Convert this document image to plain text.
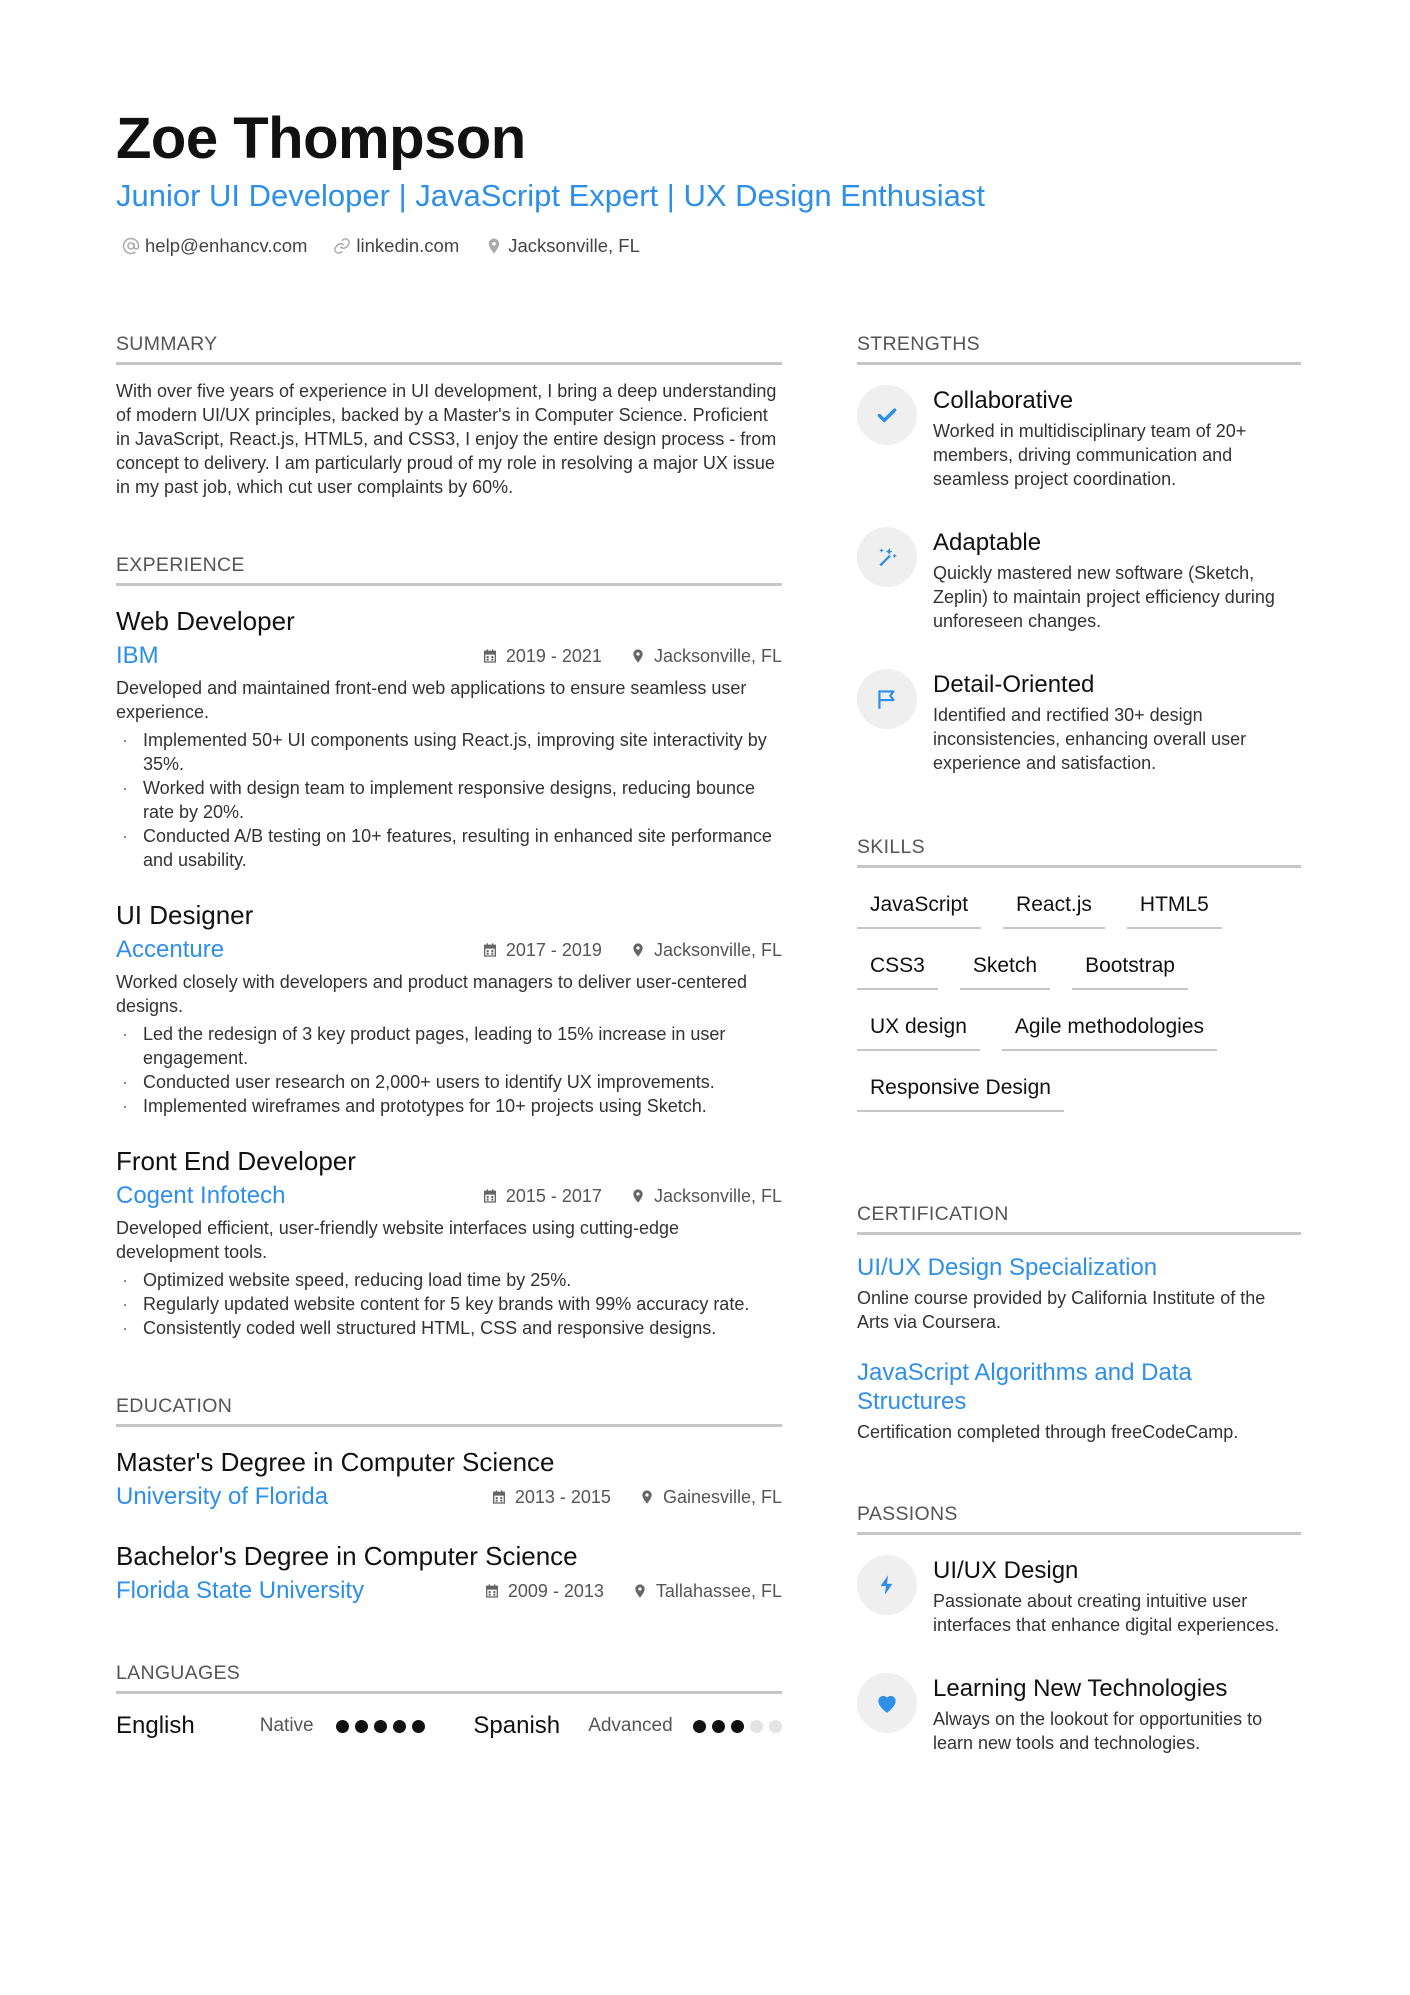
Zoe Thompson
Junior UI Developer | JavaScript Expert | UX Design Enthusiast
help@enhancv.com	linkedin.com	Jacksonville, FL
SUMMARY

With over five years of experience in UI development, I bring a deep understanding of modern UI/UX principles, backed by a Master's in Computer Science. Proficient in JavaScript, React.js, HTML5, and CSS3, I enjoy the entire design process - from concept to delivery. I am particularly proud of my role in resolving a major UX issue in my past job, which cut user complaints by 60%.

EXPERIENCE
Web Developer
IBM	2019 - 2021	Jacksonville, FL
Developed and maintained front-end web applications to ensure seamless user experience.
· Implemented 50+ UI components using React.js, improving site interactivity by 35%.
· Worked with design team to implement responsive designs, reducing bounce rate by 20%.
· Conducted A/B testing on 10+ features, resulting in enhanced site performance and usability.
UI Designer
Accenture	2017 - 2019	Jacksonville, FL
Worked closely with developers and product managers to deliver user-centered designs.
· Led the redesign of 3 key product pages, leading to 15% increase in user engagement.
· Conducted user research on 2,000+ users to identify UX improvements.
· Implemented wireframes and prototypes for 10+ projects using Sketch.
Front End Developer
Cogent Infotech	2015 - 2017	Jacksonville, FL
Developed efficient, user-friendly website interfaces using cutting-edge development tools.
· Optimized website speed, reducing load time by 25%.
· Regularly updated website content for 5 key brands with 99% accuracy rate.
· Consistently coded well structured HTML, CSS and responsive designs.
EDUCATION
Master's Degree in Computer Science
University of Florida	2013 - 2015	Gainesville, FL
Bachelor's Degree in Computer Science
Florida State University	2009 - 2013	Tallahassee, FL
LANGUAGES
English	Native	Spanish	Advanced
STRENGTHS
Collaborative
Worked in multidisciplinary team of 20+ members, driving communication and seamless project coordination.
Adaptable
Quickly mastered new software (Sketch, Zeplin) to maintain project efficiency during unforeseen changes.
Detail-Oriented
Identified and rectified 30+ design inconsistencies, enhancing overall user experience and satisfaction.
SKILLS
JavaScript	React.js	HTML5
CSS3	Sketch	Bootstrap
UX design	Agile methodologies
Responsive Design
CERTIFICATION
UI/UX Design Specialization
Online course provided by California Institute of the Arts via Coursera.
JavaScript Algorithms and Data Structures
Certification completed through freeCodeCamp.
PASSIONS
UI/UX Design
Passionate about creating intuitive user interfaces that enhance digital experiences.
Learning New Technologies
Always on the lookout for opportunities to learn new tools and technologies.
